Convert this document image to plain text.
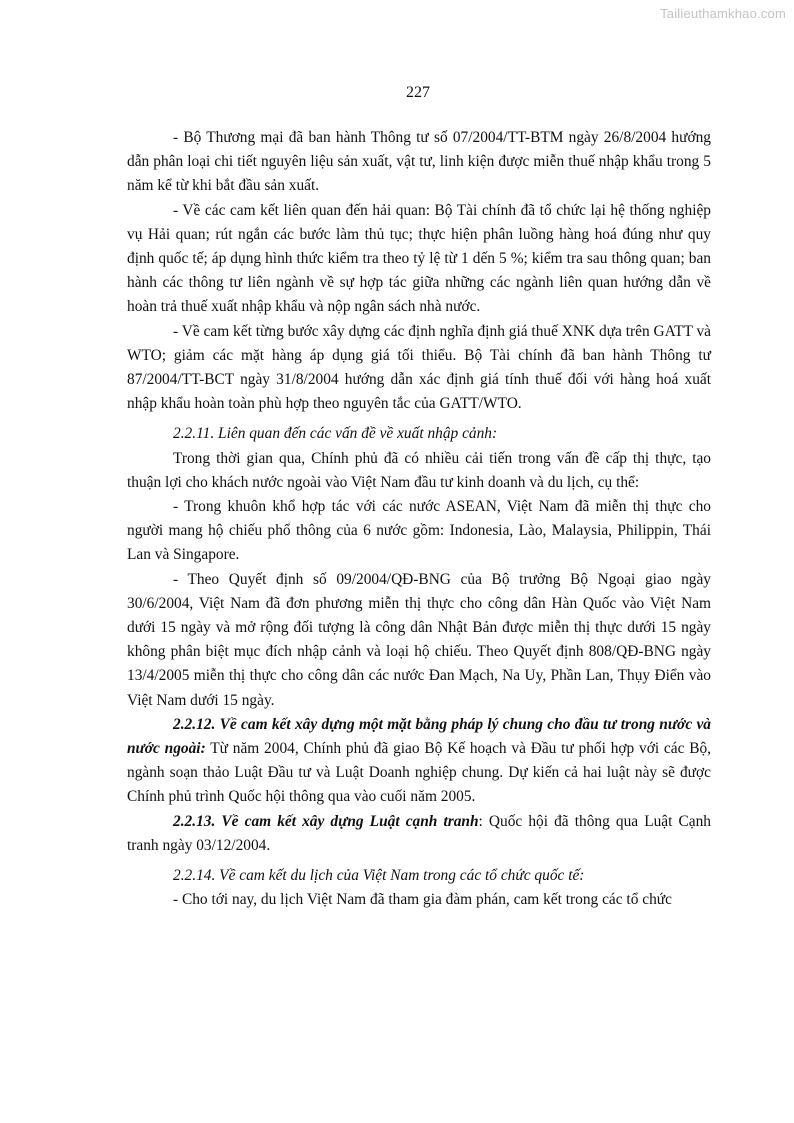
Tailieuthamkhao.com
227

- Bộ Thương mại đã ban hành Thông tư số 07/2004/TT-BTM ngày 26/8/2004 hướng dẫn phân loại chi tiết nguyên liệu sản xuất, vật tư, linh kiện được miễn thuế nhập khẩu trong 5 năm kể từ khi bắt đầu sản xuất.

- Về các cam kết liên quan đến hải quan: Bộ Tài chính đã tổ chức lại hệ thống nghiệp vụ Hải quan; rút ngắn các bước làm thủ tục; thực hiện phân luồng hàng hoá đúng như quy định quốc tế; áp dụng hình thức kiểm tra theo tỷ lệ từ 1 dến 5 %; kiểm tra sau thông quan; ban hành các thông tư liên ngành về sự hợp tác giữa những các ngành liên quan hướng dẫn về hoàn trả thuế xuất nhập khẩu và nộp ngân sách nhà nước.

- Về cam kết từng bước xây dựng các định nghĩa định giá thuế XNK dựa trên GATT và WTO; giảm các mặt hàng áp dụng giá tối thiểu. Bộ Tài chính đã ban hành Thông tư 87/2004/TT-BCT ngày 31/8/2004 hướng dẫn xác định giá tính thuế đối với hàng hoá xuất nhập khẩu hoàn toàn phù hợp theo nguyên tắc của GATT/WTO.

2.2.11. Liên quan đến các vấn đề về xuất nhập cảnh:

Trong thời gian qua, Chính phủ đã có nhiều cải tiến trong vấn đề cấp thị thực, tạo thuận lợi cho khách nước ngoài vào Việt Nam đầu tư kinh doanh và du lịch, cụ thể:

- Trong khuôn khổ hợp tác với các nước ASEAN, Việt Nam đã miễn thị thực cho người mang hộ chiếu phổ thông của 6 nước gồm: Indonesia, Lào, Malaysia, Philippin, Thái Lan và Singapore.

- Theo Quyết định số 09/2004/QĐ-BNG của Bộ trưởng Bộ Ngoại giao ngày 30/6/2004, Việt Nam đã đơn phương miễn thị thực cho công dân Hàn Quốc vào Việt Nam dưới 15 ngày và mở rộng đối tượng là công dân Nhật Bản được miễn thị thực dưới 15 ngày không phân biệt mục đích nhập cảnh và loại hộ chiếu. Theo Quyết định 808/QĐ-BNG ngày 13/4/2005 miễn thị thực cho công dân các nước Đan Mạch, Na Uy, Phần Lan, Thụy Điển vào Việt Nam dưới 15 ngày.

2.2.12. Về cam kết xây dựng một mặt bằng pháp lý chung cho đầu tư trong nước và nước ngoài: Từ năm 2004, Chính phủ đã giao Bộ Kế hoạch và Đầu tư phối hợp với các Bộ, ngành soạn thảo Luật Đầu tư và Luật Doanh nghiệp chung. Dự kiến cả hai luật này sẽ được Chính phủ trình Quốc hội thông qua vào cuối năm 2005.

2.2.13. Về cam kết xây dựng Luật cạnh tranh: Quốc hội đã thông qua Luật Cạnh tranh ngày 03/12/2004.

2.2.14. Về cam kết du lịch của Việt Nam trong các tổ chức quốc tế:

- Cho tới nay, du lịch Việt Nam đã tham gia đàm phán, cam kết trong các tổ chức
